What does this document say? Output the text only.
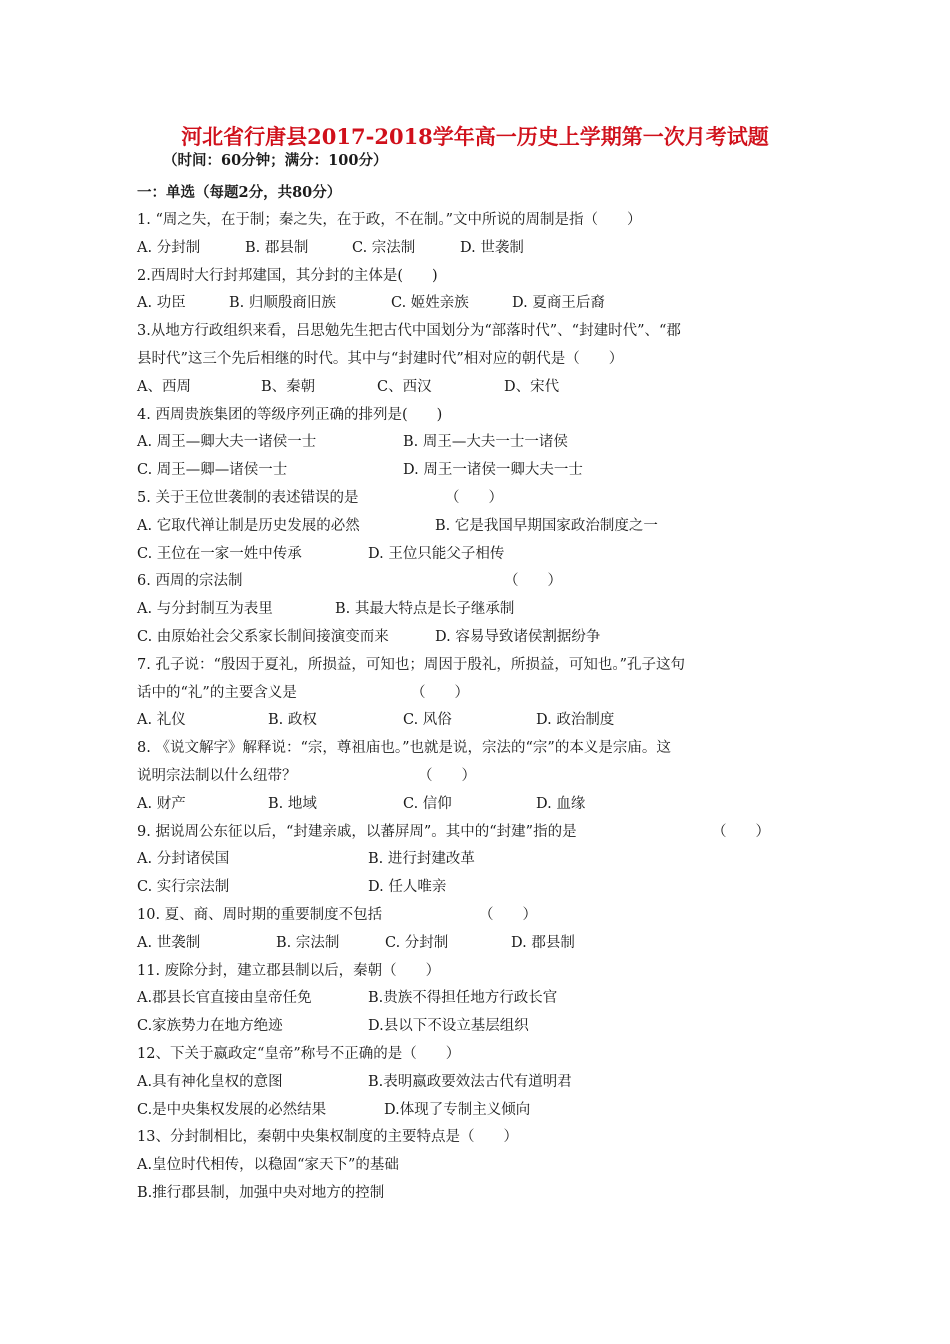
河北省行唐县2017-2018学年高一历史上学期第一次月考试题
（时间：60分钟；满分：100分）
一：单选（每题2分，共80分）
1. “周之失，在于制；秦之失，在于政，不在制。”文中所说的周制是指（　　）
A. 分封制	B. 郡县制	C. 宗法制	D. 世袭制
2.西周时大行封邦建国，其分封的主体是(　　)
A. 功臣	B. 归顺殷商旧族	C. 姬姓亲族	D. 夏商王后裔
3.从地方行政组织来看，吕思勉先生把古代中国划分为“部落时代”、“封建时代”、“郡
县时代”这三个先后相继的时代。其中与“封建时代”相对应的朝代是（　　）
A、西周	B、秦朝	C、西汉	D、宋代
4. 西周贵族集团的等级序列正确的排列是(　　)
A. 周王—卿大夫一诸侯一士	B. 周王—大夫一士一诸侯
C. 周王—卿—诸侯一士	D. 周王一诸侯一卿大夫一士
5. 关于王位世袭制的表述错误的是	（　　）
A. 它取代禅让制是历史发展的必然	B. 它是我国早期国家政治制度之一
C. 王位在一家一姓中传承	D. 王位只能父子相传
6. 西周的宗法制	（　　）
A. 与分封制互为表里	B. 其最大特点是长子继承制
C. 由原始社会父系家长制间接演变而来	D. 容易导致诸侯割据纷争
7. 孔子说：“殷因于夏礼，所损益，可知也；周因于殷礼，所损益，可知也。”孔子这句
话中的“礼”的主要含义是	（　　）
A. 礼仪	B. 政权	C. 风俗	D. 政治制度
8. 《说文解字》解释说：“宗，尊祖庙也。”也就是说，宗法的“宗”的本义是宗庙。这
说明宗法制以什么纽带？	（　　）
A. 财产	B. 地域	C. 信仰	D. 血缘
9. 据说周公东征以后，“封建亲戚，以蕃屏周”。其中的“封建”指的是	（　　）
A. 分封诸侯国	B. 进行封建改革
C. 实行宗法制	D. 任人唯亲
10. 夏、商、周时期的重要制度不包括	（　　）
A. 世袭制	B. 宗法制	C. 分封制	D. 郡县制
11. 废除分封，建立郡县制以后，秦朝（　　）
A.郡县长官直接由皇帝任免	B.贵族不得担任地方行政长官
C.家族势力在地方绝迹	D.县以下不设立基层组织
12、下关于嬴政定“皇帝”称号不正确的是（　　）
A.具有神化皇权的意图	B.表明嬴政要效法古代有道明君
C.是中央集权发展的必然结果	D.体现了专制主义倾向
13、分封制相比，秦朝中央集权制度的主要特点是（　　）
A.皇位时代相传，以稳固“家天下”的基础
B.推行郡县制，加强中央对地方的控制
